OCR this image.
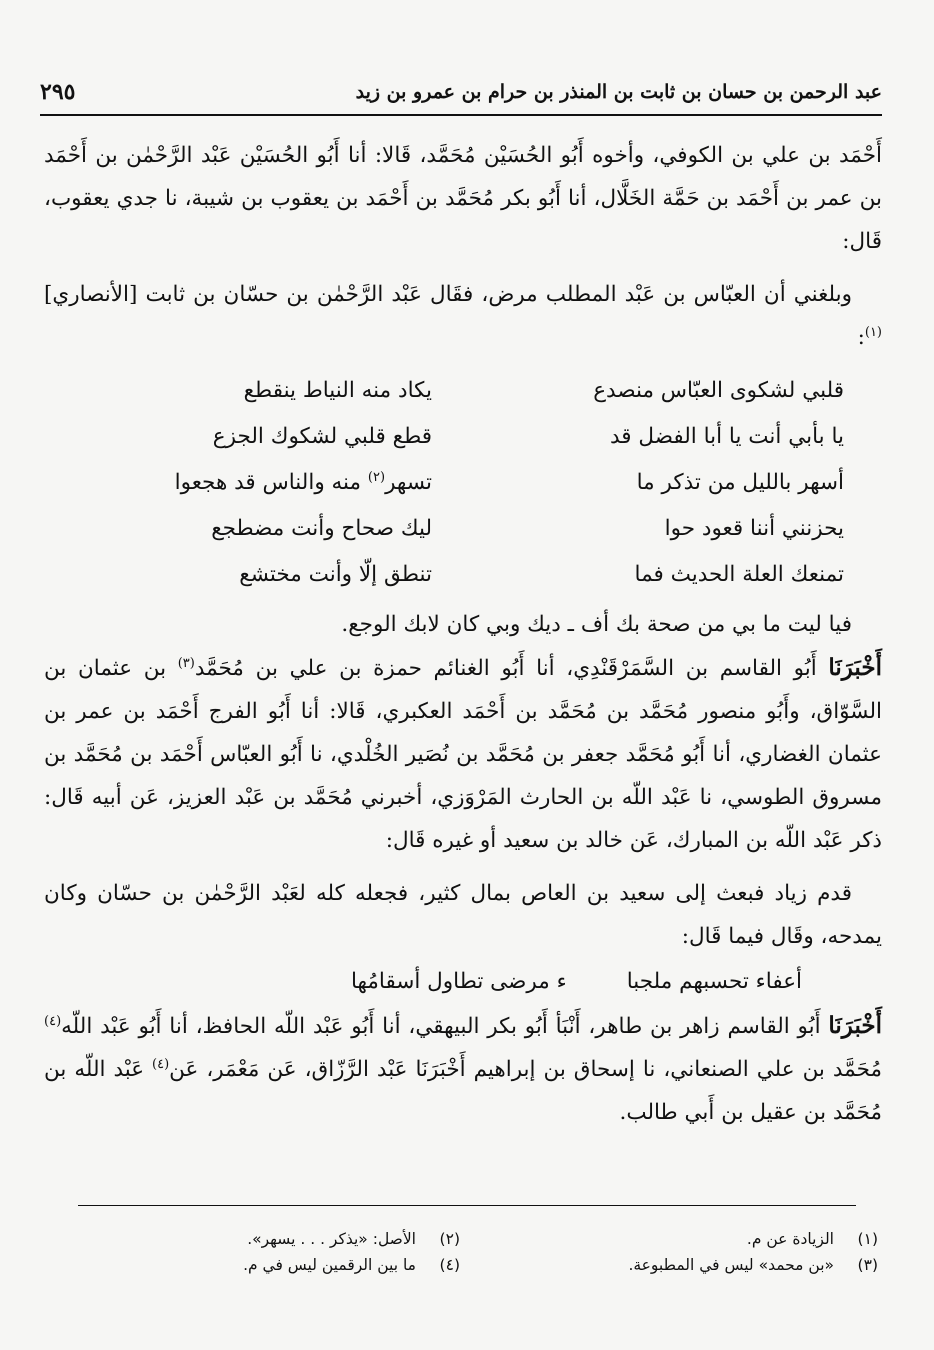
عبد الرحمن بن حسان بن ثابت بن المنذر بن حرام بن عمرو بن زيد
٢٩٥

أَحْمَد بن علي بن الكوفي، وأخوه أَبُو الحُسَيْن مُحَمَّد، قَالا: أنا أَبُو الحُسَيْن عَبْد الرَّحْمٰن بن أَحْمَد بن عمر بن أَحْمَد بن حَمَّة الخَلَّال، أنا أَبُو بكر مُحَمَّد بن أَحْمَد بن يعقوب بن شيبة، نا جدي يعقوب، قَال:

وبلغني أن العبّاس بن عَبْد المطلب مرض، فقَال عَبْد الرَّحْمٰن بن حسّان بن ثابت [الأنصاري]$^{(١)}$:

قلبي لشكوى العبّاس منصدع
يكاد منه النياط ينقطع
يا بأبي أنت يا أبا الفضل قد
قطع قلبي لشكوك الجزع
أسهر بالليل من تذكر ما
تسهر$^{(٢)}$ منه والناس قد هجعوا
يحزنني أننا قعود حوا
ليك صحاح وأنت مضطجع
تمنعك العلة الحديث فما
تنطق إلّا وأنت مختشع

فيا ليت ما بي من صحة بك أف ـ ديك وبي كان لابك الوجع.

أَخْبَرَنَا أَبُو القاسم بن السَّمَرْقَنْدِي، أنا أَبُو الغنائم حمزة بن علي بن مُحَمَّد$^{(٣)}$ بن عثمان بن السَّوّاق، وأَبُو منصور مُحَمَّد بن مُحَمَّد بن أَحْمَد العكبري، قَالا: أنا أَبُو الفرج أَحْمَد بن عمر بن عثمان الغضاري، أنا أَبُو مُحَمَّد جعفر بن مُحَمَّد بن نُصَير الخُلْدي، نا أَبُو العبّاس أَحْمَد بن مُحَمَّد بن مسروق الطوسي، نا عَبْد اللّه بن الحارث المَرْوَزي، أخبرني مُحَمَّد بن عَبْد العزيز، عَن أبيه قَال: ذكر عَبْد اللّه بن المبارك، عَن خالد بن سعيد أو غيره قَال:

قدم زياد فبعث إلى سعيد بن العاص بمال كثير، فجعله كله لعَبْد الرَّحْمٰن بن حسّان وكان يمدحه، وقَال فيما قَال:

أعفاء تحسبهم ملجبا
ء مرضى تطاول أسقامُها

أَخْبَرَنَا أَبُو القاسم زاهر بن طاهر، أَنْبَأ أَبُو بكر البيهقي، أنا أَبُو عَبْد اللّه الحافظ، أنا أَبُو عَبْد اللّه$^{(٤)}$ مُحَمَّد بن علي الصنعاني، نا إسحاق بن إبراهيم أَخْبَرَنَا عَبْد الرَّزّاق، عَن مَعْمَر، عَن$^{(٤)}$ عَبْد اللّه بن مُحَمَّد بن عقيل بن أَبي طالب.

(١)
الزيادة عن م.
(٢)
الأصل: «يذكر . . . يسهر».
(٣)
«بن محمد» ليس في المطبوعة.
(٤)
ما بين الرقمين ليس في م.
